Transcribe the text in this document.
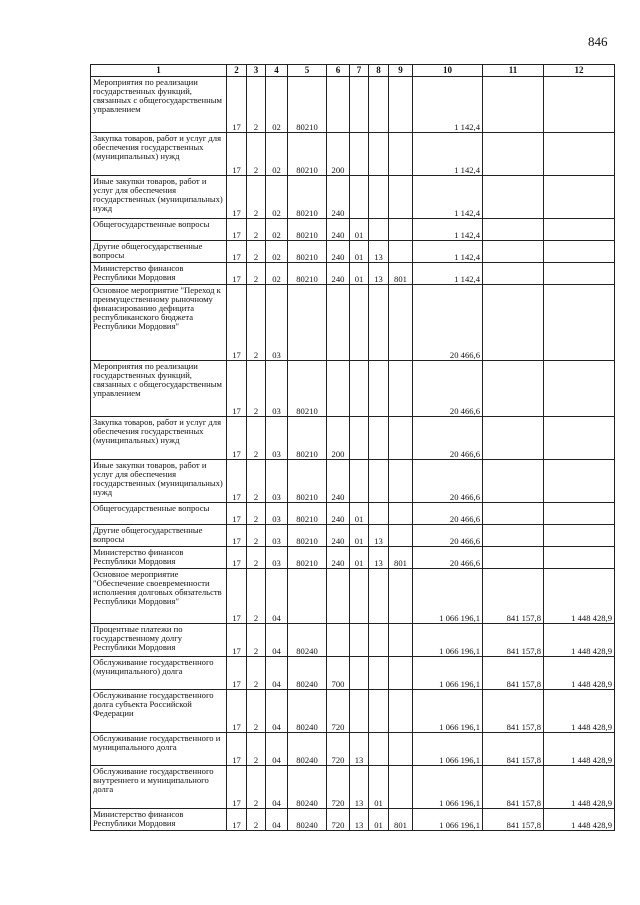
846
1	2	3	4	5	6	7	8	9	10	11	12
Мероприятия по реализации государственных функций, связанных с общегосударственным управлением	17	2	02	80210					1 142,4		
Закупка товаров, работ и услуг для обеспечения государственных (муниципальных) нужд	17	2	02	80210	200				1 142,4		
Иные закупки товаров, работ и услуг для обеспечения государственных (муниципальных) нужд	17	2	02	80210	240				1 142,4		
Общегосударственные вопросы	17	2	02	80210	240	01			1 142,4		
Другие общегосударственные вопросы	17	2	02	80210	240	01	13		1 142,4		
Министерство финансов Республики Мордовия	17	2	02	80210	240	01	13	801	1 142,4		
Основное мероприятие "Переход к преимущественному рыночному финансированию дефицита республиканского бюджета Республики Мордовия"	17	2	03						20 466,6		
Мероприятия по реализации государственных функций, связанных с общегосударственным управлением	17	2	03	80210					20 466,6		
Закупка товаров, работ и услуг для обеспечения государственных (муниципальных) нужд	17	2	03	80210	200				20 466,6		
Иные закупки товаров, работ и услуг для обеспечения государственных (муниципальных) нужд	17	2	03	80210	240				20 466,6		
Общегосударственные вопросы	17	2	03	80210	240	01			20 466,6		
Другие общегосударственные вопросы	17	2	03	80210	240	01	13		20 466,6		
Министерство финансов Республики Мордовия	17	2	03	80210	240	01	13	801	20 466,6		
Основное мероприятие "Обеспечение своевременности исполнения долговых обязательств Республики Мордовия"	17	2	04						1 066 196,1	841 157,8	1 448 428,9
Процентные платежи по государственному долгу Республики Мордовия	17	2	04	80240					1 066 196,1	841 157,8	1 448 428,9
Обслуживание государственного (муниципального) долга	17	2	04	80240	700				1 066 196,1	841 157,8	1 448 428,9
Обслуживание государственного долга субъекта Российской Федерации	17	2	04	80240	720				1 066 196,1	841 157,8	1 448 428,9
Обслуживание государственного и муниципального долга	17	2	04	80240	720	13			1 066 196,1	841 157,8	1 448 428,9
Обслуживание государственного внутреннего и муниципального долга	17	2	04	80240	720	13	01		1 066 196,1	841 157,8	1 448 428,9
Министерство финансов Республики Мордовия	17	2	04	80240	720	13	01	801	1 066 196,1	841 157,8	1 448 428,9
